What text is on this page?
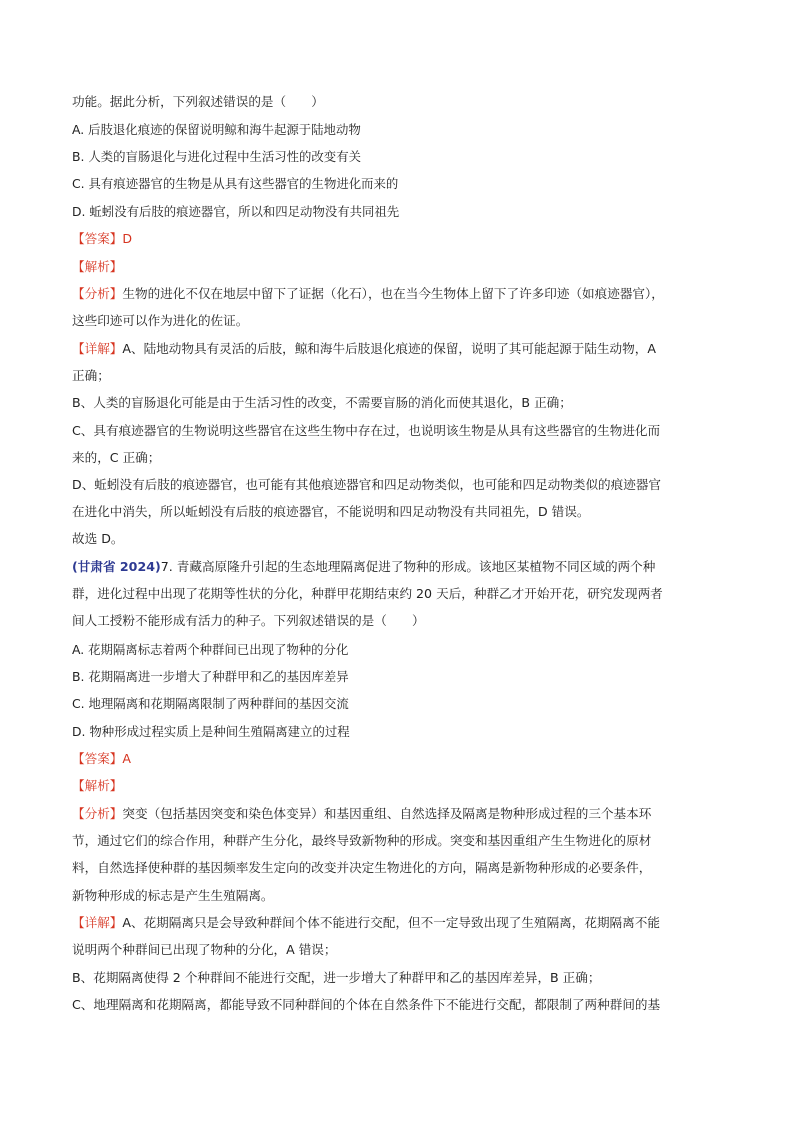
功能。据此分析，下列叙述错误的是（　　）
A. 后肢退化痕迹的保留说明鲸和海牛起源于陆地动物
B. 人类的盲肠退化与进化过程中生活习性的改变有关
C. 具有痕迹器官的生物是从具有这些器官的生物进化而来的
D. 蚯蚓没有后肢的痕迹器官，所以和四足动物没有共同祖先
【答案】D
【解析】
【分析】生物的进化不仅在地层中留下了证据（化石），也在当今生物体上留下了许多印迹（如痕迹器官），
这些印迹可以作为进化的佐证。
【详解】A、陆地动物具有灵活的后肢，鲸和海牛后肢退化痕迹的保留，说明了其可能起源于陆生动物，A
正确；
B、人类的盲肠退化可能是由于生活习性的改变，不需要盲肠的消化而使其退化，B 正确；
C、具有痕迹器官的生物说明这些器官在这些生物中存在过，也说明该生物是从具有这些器官的生物进化而
来的，C 正确；
D、蚯蚓没有后肢的痕迹器官，也可能有其他痕迹器官和四足动物类似，也可能和四足动物类似的痕迹器官
在进化中消失，所以蚯蚓没有后肢的痕迹器官，不能说明和四足动物没有共同祖先，D 错误。
故选 D。
(甘肃省 2024)7. 青藏高原隆升引起的生态地理隔离促进了物种的形成。该地区某植物不同区域的两个种
群，进化过程中出现了花期等性状的分化，种群甲花期结束约 20 天后，种群乙才开始开花，研究发现两者
间人工授粉不能形成有活力的种子。下列叙述错误的是（　　）
A. 花期隔离标志着两个种群间已出现了物种的分化
B. 花期隔离进一步增大了种群甲和乙的基因库差异
C. 地理隔离和花期隔离限制了两种群间的基因交流
D. 物种形成过程实质上是种间生殖隔离建立的过程
【答案】A
【解析】
【分析】突变（包括基因突变和染色体变异）和基因重组、自然选择及隔离是物种形成过程的三个基本环
节，通过它们的综合作用，种群产生分化，最终导致新物种的形成。突变和基因重组产生生物进化的原材
料，自然选择使种群的基因频率发生定向的改变并决定生物进化的方向，隔离是新物种形成的必要条件，
新物种形成的标志是产生生殖隔离。
【详解】A、花期隔离只是会导致种群间个体不能进行交配，但不一定导致出现了生殖隔离，花期隔离不能
说明两个种群间已出现了物种的分化，A 错误；
B、花期隔离使得 2 个种群间不能进行交配，进一步增大了种群甲和乙的基因库差异，B 正确；
C、地理隔离和花期隔离，都能导致不同种群间的个体在自然条件下不能进行交配，都限制了两种群间的基
